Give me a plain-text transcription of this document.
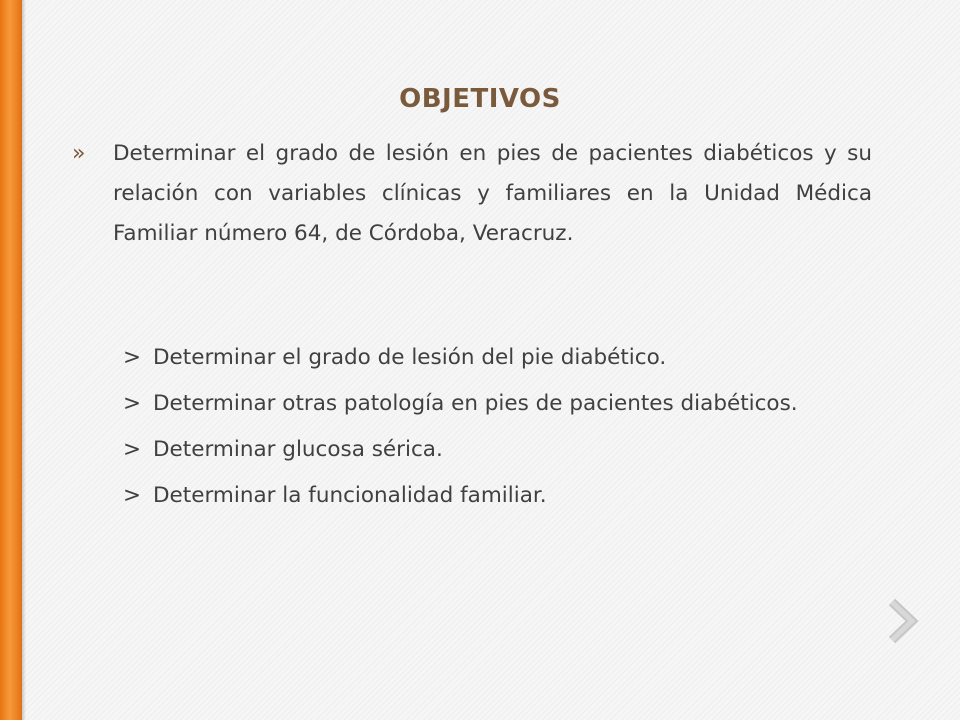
OBJETIVOS
» Determinar el grado de lesión en pies de pacientes diabéticos y su relación con variables clínicas y familiares en la Unidad Médica Familiar número 64, de Córdoba, Veracruz.
> Determinar el grado de lesión del pie diabético.
> Determinar otras patología en pies de pacientes diabéticos.
> Determinar glucosa sérica.
> Determinar la funcionalidad familiar.
